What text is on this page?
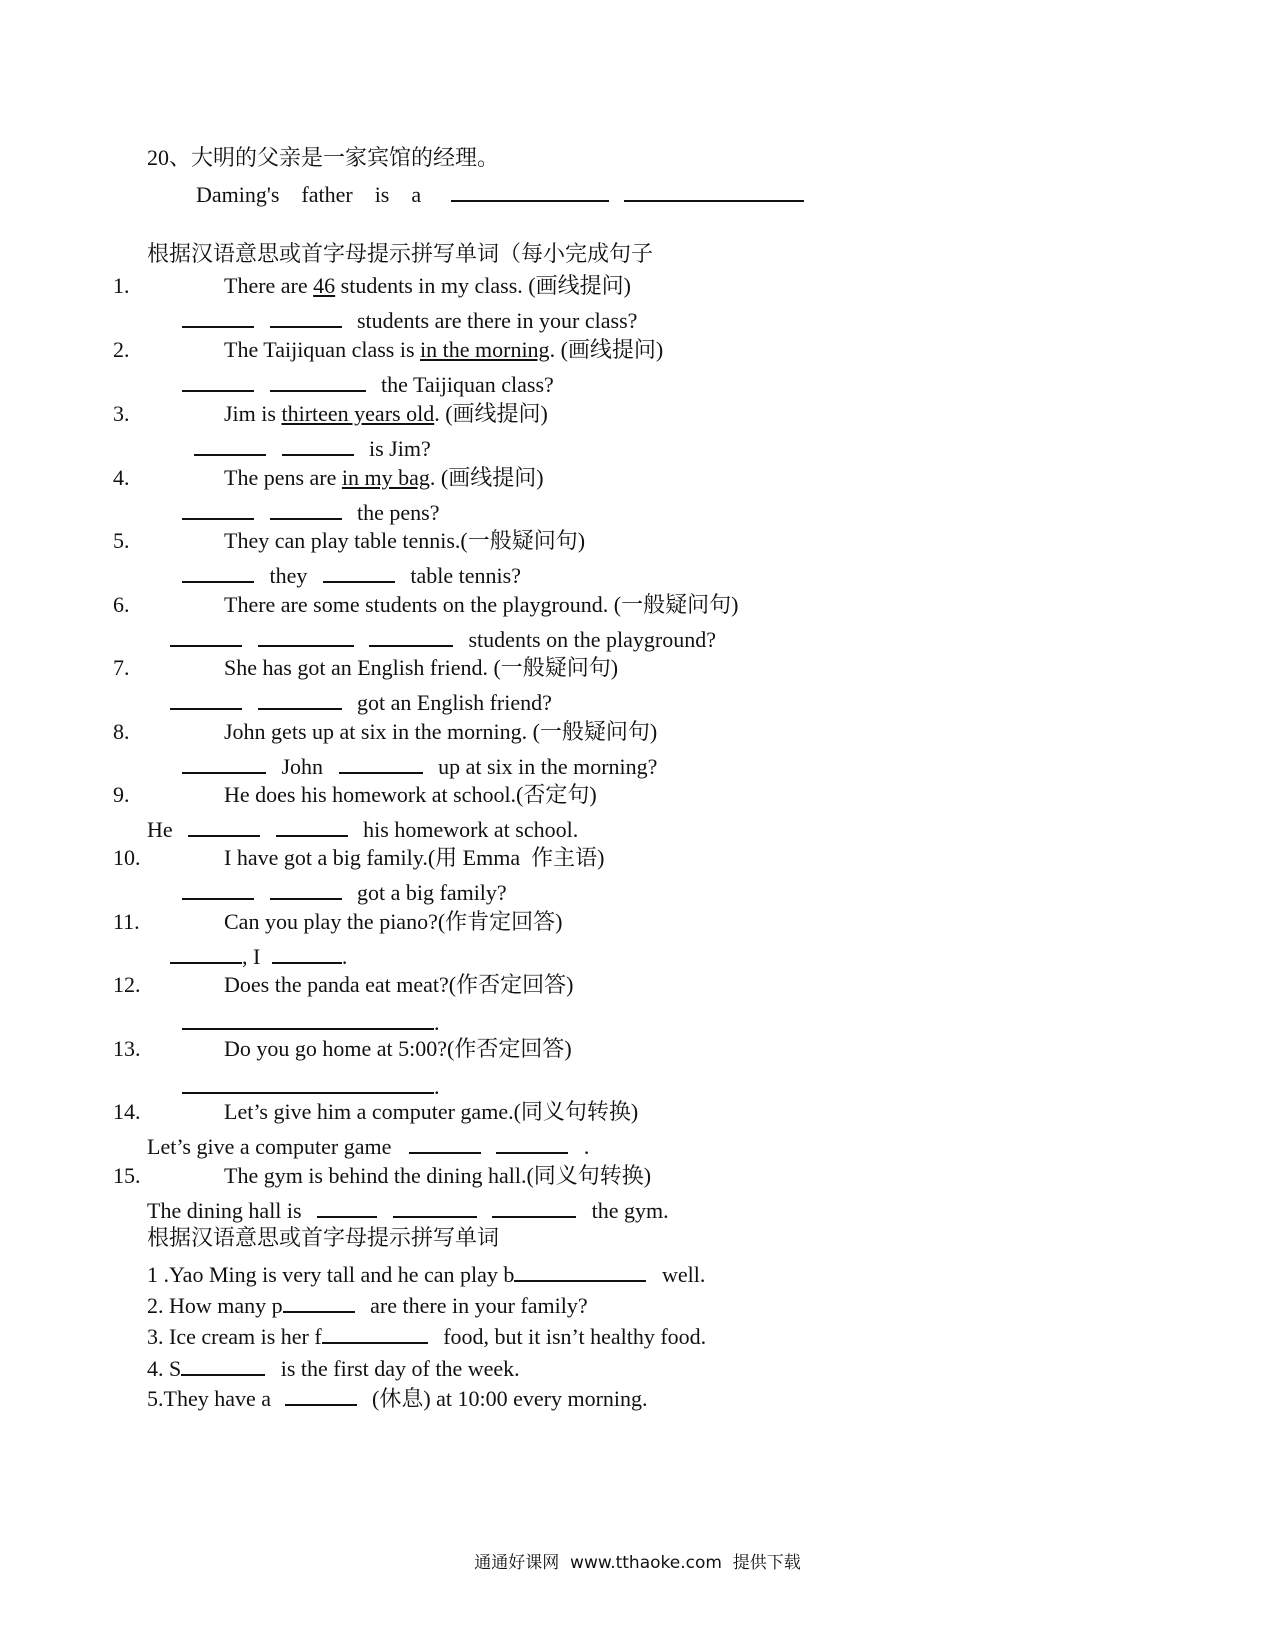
20、大明的父亲是一家宾馆的经理。
Daming's    father    is    a
根据汉语意思或首字母提示拼写单词（每小完成句子
1.	There are 46 students in my class. (画线提问)
students are there in your class?
2.	The Taijiquan class is in the morning. (画线提问)
the Taijiquan class?
3.	Jim is thirteen years old. (画线提问)
is Jim?
4.	The pens are in my bag. (画线提问)
the pens?
5.	They can play table tennis.(一般疑问句)
they	table tennis?
6.	There are some students on the playground. (一般疑问句)
students on the playground?
7.	She has got an English friend. (一般疑问句)
got an English friend?
8.	John gets up at six in the morning. (一般疑问句)
John	up at six in the morning?
9.	He does his homework at school.(否定句)
He	his homework at school.
10.	I have got a big family.(用 Emma  作主语)
got a big family?
11.	Can you play the piano?(作肯定回答)
, I	.
12.	Does the panda eat meat?(作否定回答)
.
13.	Do you go home at 5:00?(作否定回答)
.
14.	Let’s give him a computer game.(同义句转换)
Let’s give a computer game	.
15.	The gym is behind the dining hall.(同义句转换)
The dining hall is	the gym.
根据汉语意思或首字母提示拼写单词
1 .Yao Ming is very tall and he can play b	well.
2. How many p	are there in your family?
3. Ice cream is her f	food, but it isn’t healthy food.
4. S	is the first day of the week.
5.They have a	(休息) at 10:00 every morning.
通通好课网  www.tthaoke.com  提供下载
